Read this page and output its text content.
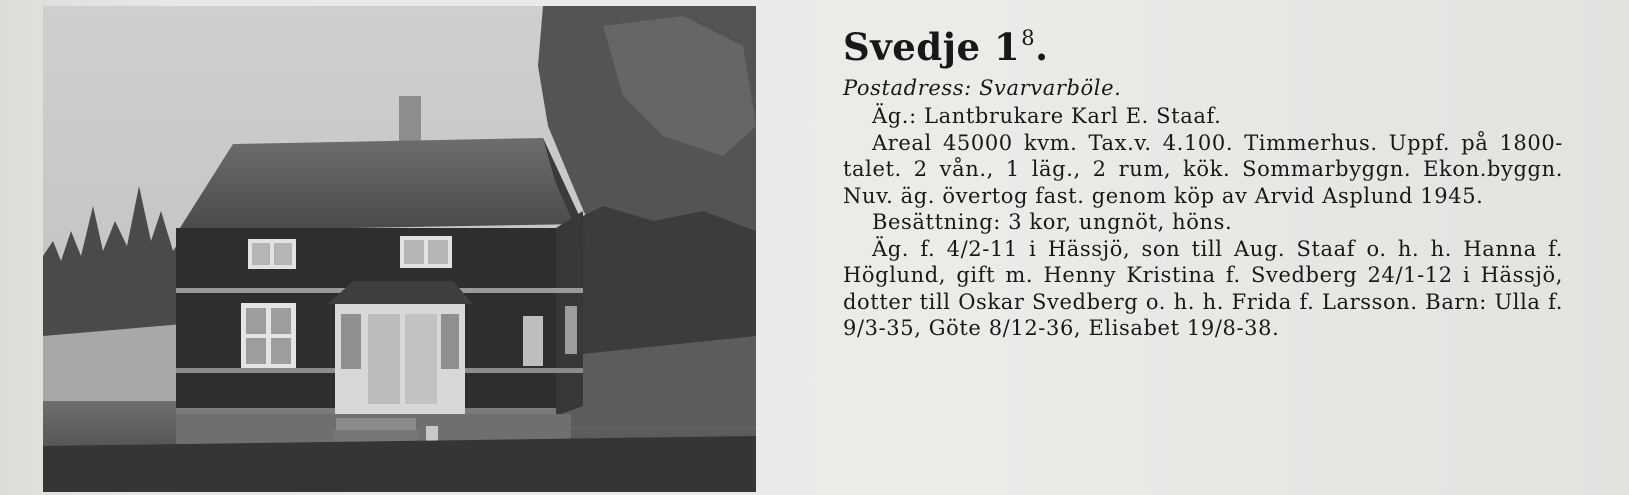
Svedje $1^8$.

Postadress: Svarvarböle.

Äg.: Lantbrukare Karl E. Staaf.

Areal 45000 kvm. Tax.v. 4.100. Timmerhus. Uppf. på 1800-talet. 2 vån., 1 läg., 2 rum, kök. Sommarbyggn. Ekon.byggn. Nuv. äg. övertog fast. genom köp av Arvid Asplund 1945.

Besättning: 3 kor, ungnöt, höns.

Äg. f. 4/2-11 i Hässjö, son till Aug. Staaf o. h. h. Hanna f. Höglund, gift m. Henny Kristina f. Svedberg 24/1-12 i Hässjö, dotter till Oskar Svedberg o. h. h. Frida f. Larsson. Barn: Ulla f. 9/3-35, Göte 8/12-36, Elisabet 19/8-38.
